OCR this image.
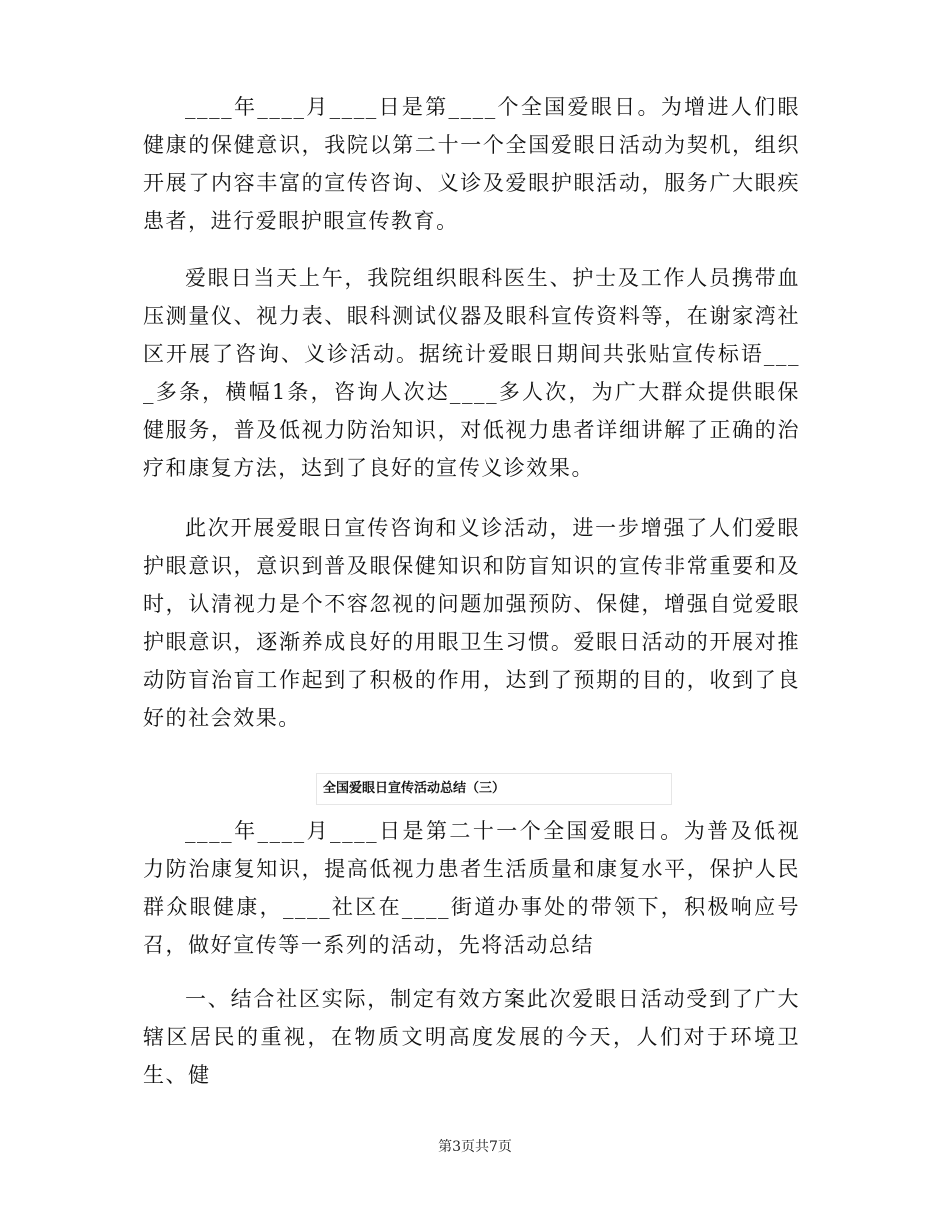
____年____月____日是第____个全国爱眼日。为增进人们眼健康的保健意识，我院以第二十一个全国爱眼日活动为契机，组织开展了内容丰富的宣传咨询、义诊及爱眼护眼活动，服务广大眼疾患者，进行爱眼护眼宣传教育。

爱眼日当天上午，我院组织眼科医生、护士及工作人员携带血压测量仪、视力表、眼科测试仪器及眼科宣传资料等，在谢家湾社区开展了咨询、义诊活动。据统计爱眼日期间共张贴宣传标语____多条，横幅1条，咨询人次达____多人次，为广大群众提供眼保健服务，普及低视力防治知识，对低视力患者详细讲解了正确的治疗和康复方法，达到了良好的宣传义诊效果。

此次开展爱眼日宣传咨询和义诊活动，进一步增强了人们爱眼护眼意识，意识到普及眼保健知识和防盲知识的宣传非常重要和及时，认清视力是个不容忽视的问题加强预防、保健，增强自觉爱眼护眼意识，逐渐养成良好的用眼卫生习惯。爱眼日活动的开展对推动防盲治盲工作起到了积极的作用，达到了预期的目的，收到了良好的社会效果。

全国爱眼日宣传活动总结（三）

____年____月____日是第二十一个全国爱眼日。为普及低视力防治康复知识，提高低视力患者生活质量和康复水平，保护人民群众眼健康，____社区在____街道办事处的带领下，积极响应号召，做好宣传等一系列的活动，先将活动总结

一、结合社区实际，制定有效方案此次爱眼日活动受到了广大辖区居民的重视，在物质文明高度发展的今天，人们对于环境卫生、健

第3页共7页
